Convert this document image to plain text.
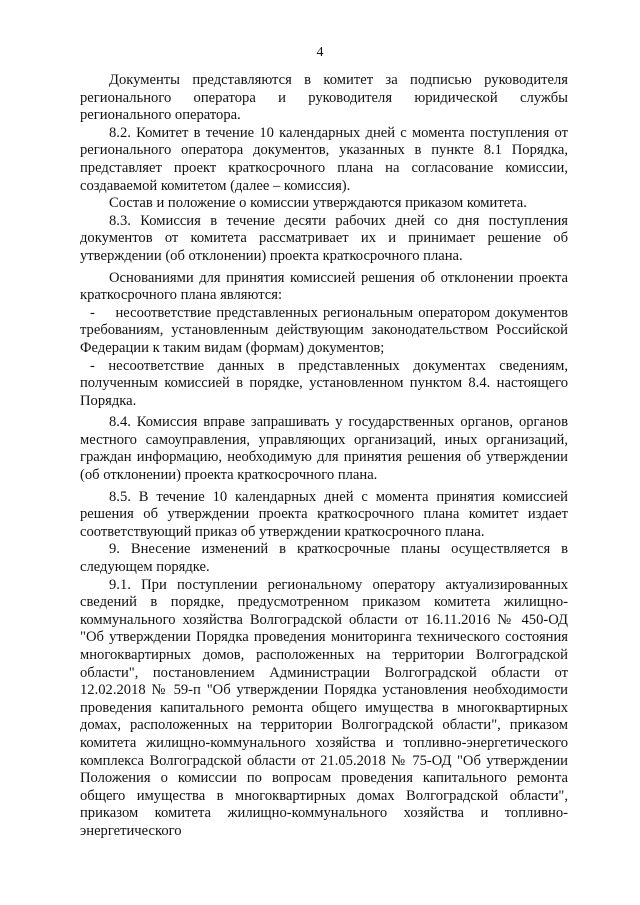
4

Документы представляются в комитет за подписью руководителя регионального оператора и руководителя юридической службы регионального оператора.

8.2. Комитет в течение 10 календарных дней с момента поступления от регионального оператора документов, указанных в пункте 8.1 Порядка, представляет проект краткосрочного плана на согласование комиссии, создаваемой комитетом (далее – комиссия).

Состав и положение о комиссии утверждаются приказом комитета.

8.3. Комиссия в течение десяти рабочих дней со дня поступления документов от комитета рассматривает их и принимает решение об утверждении (об отклонении) проекта краткосрочного плана.

Основаниями для принятия комиссией решения об отклонении проекта краткосрочного плана являются:

-    несоответствие представленных региональным оператором документов требованиям, установленным действующим законодательством Российской Федерации к таким видам (формам) документов;

- несоответствие данных в представленных документах сведениям, полученным комиссией в порядке, установленном пунктом 8.4. настоящего Порядка.

8.4. Комиссия вправе запрашивать у государственных органов, органов местного самоуправления, управляющих организаций, иных организаций, граждан информацию, необходимую для принятия решения об утверждении (об отклонении) проекта краткосрочного плана.

8.5. В течение 10 календарных дней с момента принятия комиссией решения об утверждении проекта краткосрочного плана комитет издает соответствующий приказ об утверждении краткосрочного плана.

9. Внесение изменений в краткосрочные планы осуществляется в следующем порядке.

9.1. При поступлении региональному оператору актуализированных сведений в порядке, предусмотренном приказом комитета жилищно-коммунального хозяйства Волгоградской области от 16.11.2016 № 450-ОД "Об утверждении Порядка проведения мониторинга технического состояния многоквартирных домов, расположенных на территории Волгоградской области", постановлением Администрации Волгоградской области от 12.02.2018 № 59-п "Об утверждении Порядка установления необходимости проведения капитального ремонта общего имущества в многоквартирных домах, расположенных на территории Волгоградской области", приказом комитета жилищно-коммунального хозяйства и топливно-энергетического комплекса Волгоградской области от 21.05.2018 № 75-ОД "Об утверждении Положения о комиссии по вопросам проведения капитального ремонта общего имущества в многоквартирных домах Волгоградской области", приказом комитета жилищно-коммунального хозяйства и топливно-энергетического
